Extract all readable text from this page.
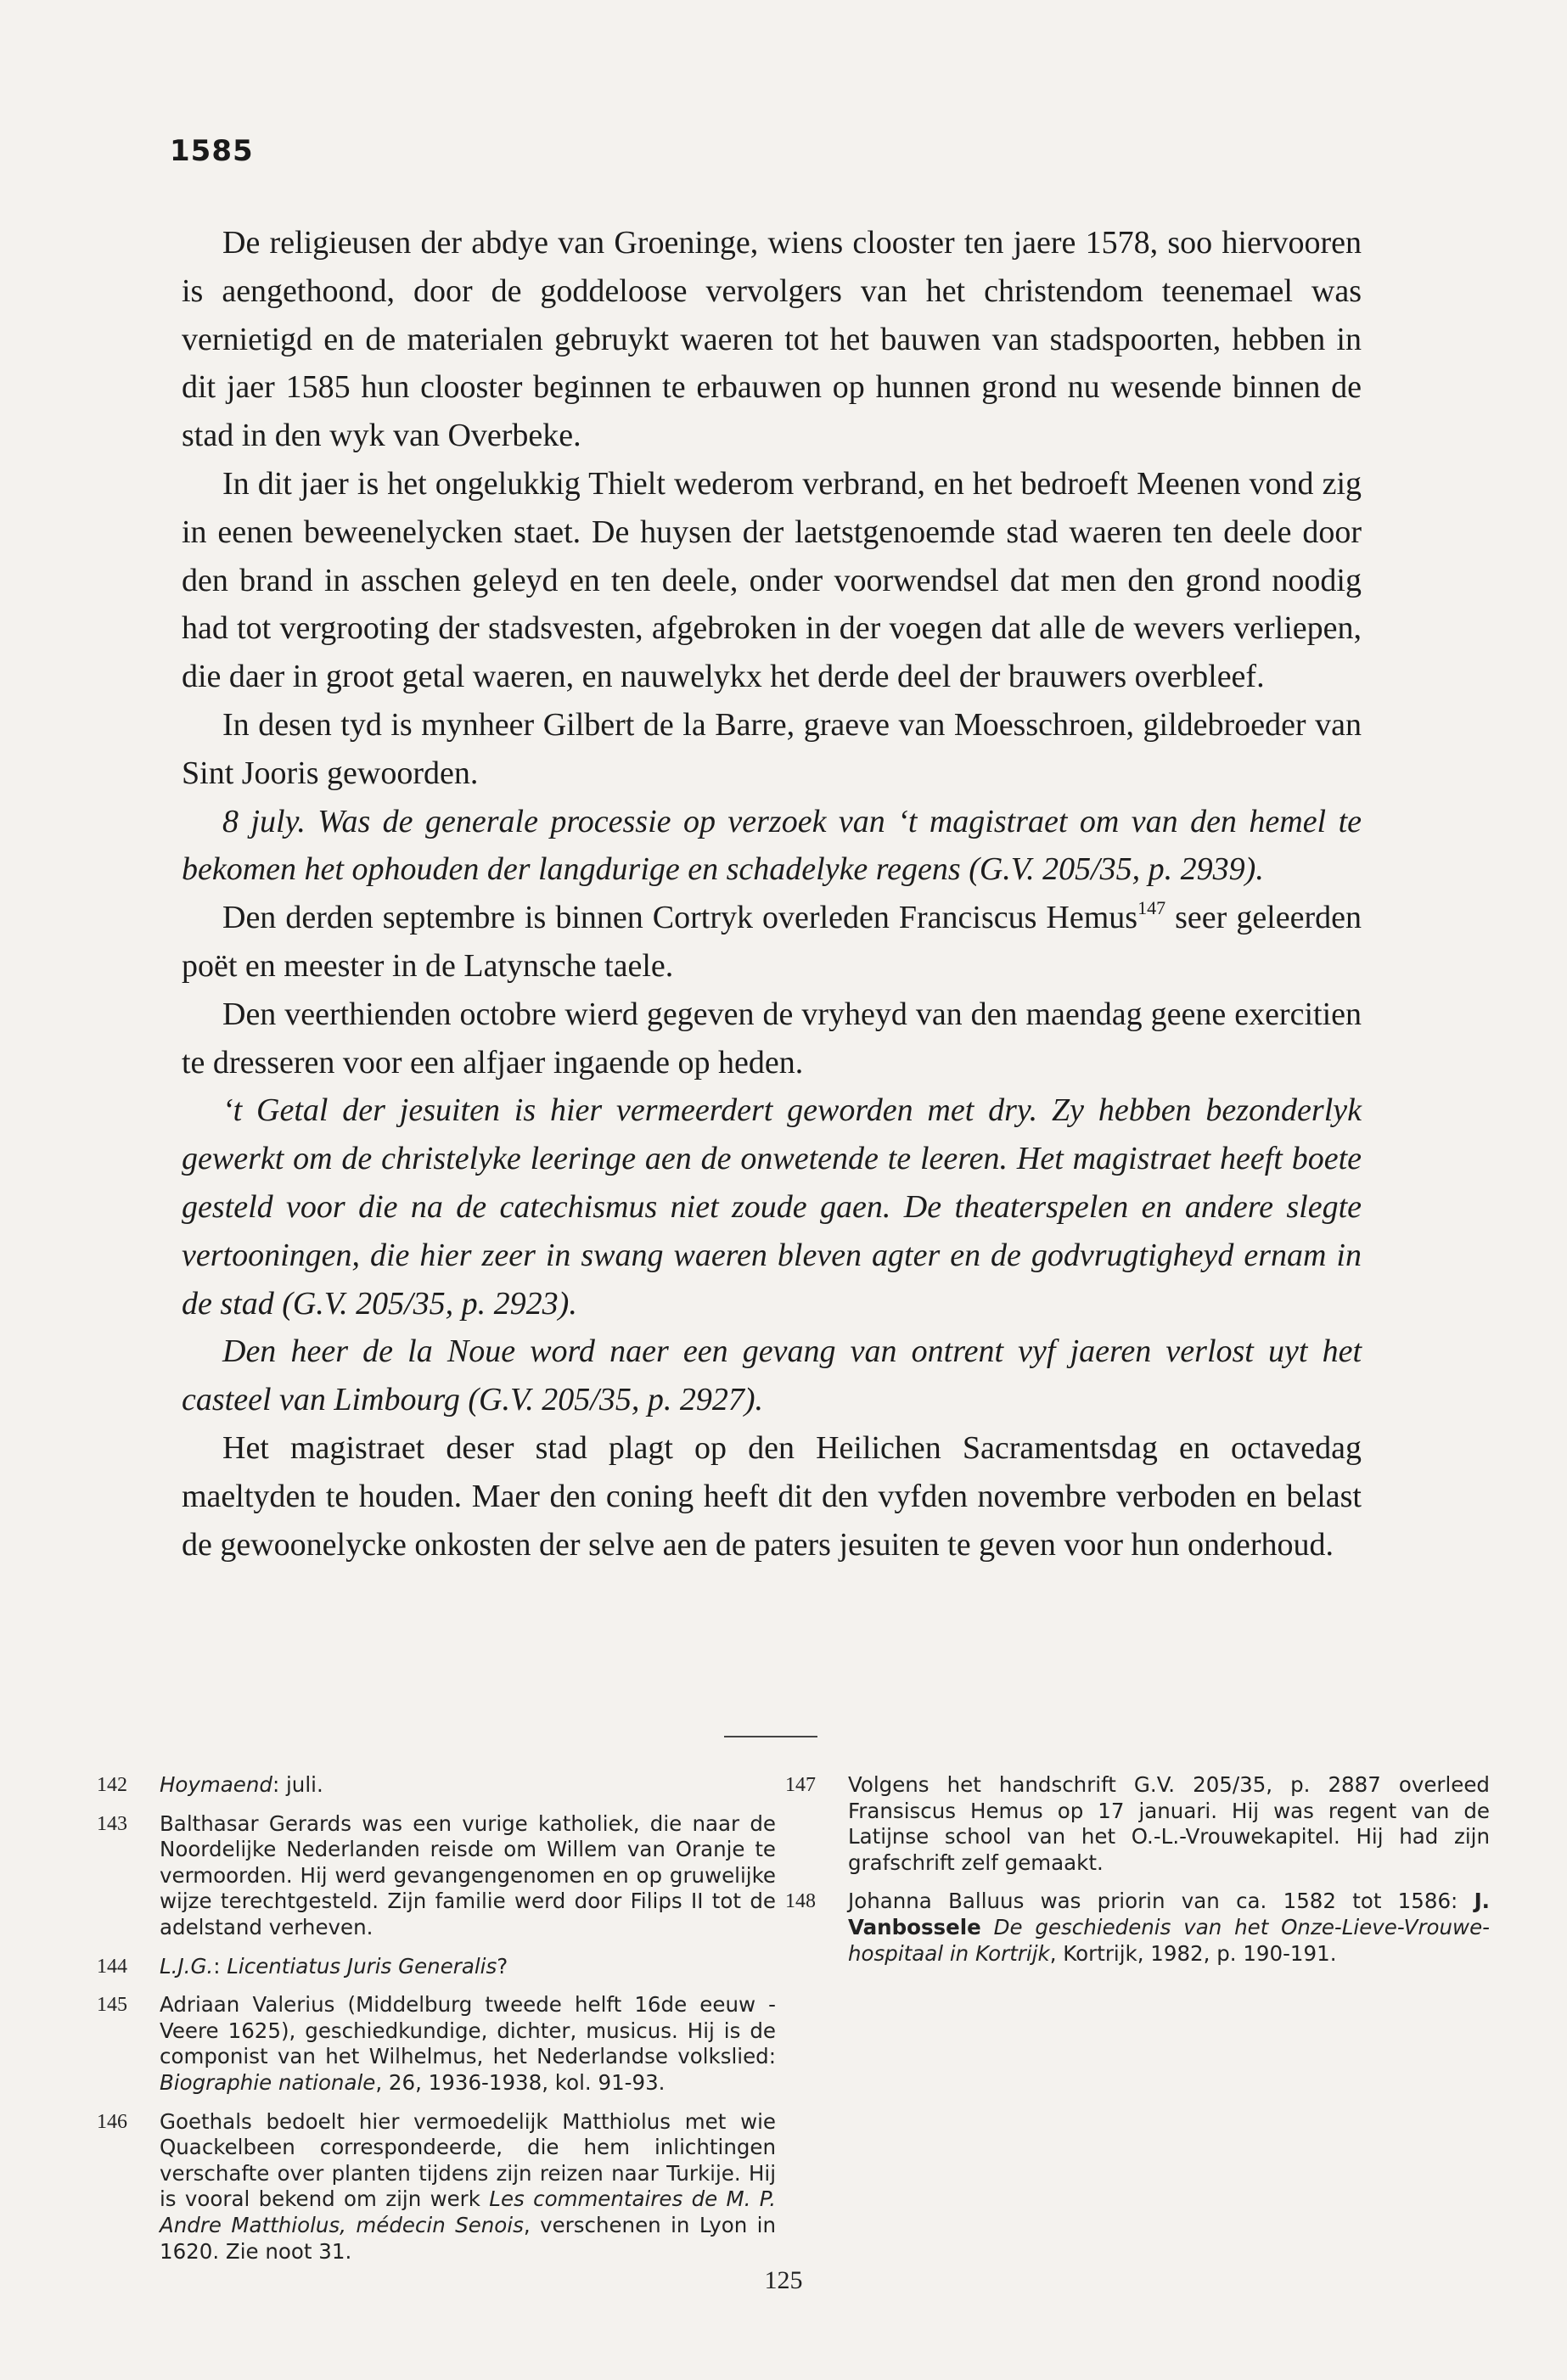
1585

De religieusen der abdye van Groeninge, wiens clooster ten jaere 1578, soo hiervooren is aengethoond, door de goddeloose vervolgers van het christendom teenemael was vernietigd en de materialen gebruykt waeren tot het bauwen van stadspoorten, hebben in dit jaer 1585 hun clooster beginnen te erbauwen op hunnen grond nu wesende binnen de stad in den wyk van Overbeke.

In dit jaer is het ongelukkig Thielt wederom verbrand, en het bedroeft Meenen vond zig in eenen beweenelycken staet. De huysen der laetstgenoemde stad waeren ten deele door den brand in asschen geleyd en ten deele, onder voorwendsel dat men den grond noodig had tot vergrooting der stadsvesten, afgebroken in der voegen dat alle de wevers verliepen, die daer in groot getal waeren, en nauwelykx het derde deel der brauwers overbleef.

In desen tyd is mynheer Gilbert de la Barre, graeve van Moesschroen, gildebroeder van Sint Jooris gewoorden.

8 july. Was de generale processie op verzoek van ‘t magistraet om van den hemel te bekomen het ophouden der langdurige en schadelyke regens (G.V. 205/35, p. 2939).

Den derden septembre is binnen Cortryk overleden Franciscus Hemus$^{147}$ seer geleerden poët en meester in de Latynsche taele.

Den veerthienden octobre wierd gegeven de vryheyd van den maendag geene exercitien te dresseren voor een alfjaer ingaende op heden.

‘t Getal der jesuiten is hier vermeerdert geworden met dry. Zy hebben bezonderlyk gewerkt om de christelyke leeringe aen de onwetende te leeren. Het magistraet heeft boete gesteld voor die na de catechismus niet zoude gaen. De theaterspelen en andere slegte vertooningen, die hier zeer in swang waeren bleven agter en de godvrugtigheyd ernam in de stad (G.V. 205/35, p. 2923).

Den heer de la Noue word naer een gevang van ontrent vyf jaeren verlost uyt het casteel van Limbourg (G.V. 205/35, p. 2927).

Het magistraet deser stad plagt op den Heilichen Sacramentsdag en octavedag maeltyden te houden. Maer den coning heeft dit den vyfden novembre verboden en belast de gewoonelycke onkosten der selve aen de paters jesuiten te geven voor hun onderhoud.

142	Hoymaend: juli.
143	Balthasar Gerards was een vurige katholiek, die naar de Noordelijke Nederlanden reisde om Willem van Oranje te vermoorden. Hij werd gevangengenomen en op gruwelijke wijze terechtgesteld. Zijn familie werd door Filips II tot de adelstand verheven.
144	L.J.G.: Licentiatus Juris Generalis?
145	Adriaan Valerius (Middelburg tweede helft 16de eeuw - Veere 1625), geschiedkundige, dichter, musicus. Hij is de componist van het Wilhelmus, het Nederlandse volkslied: Biographie nationale, 26, 1936-1938, kol. 91-93.
146	Goethals bedoelt hier vermoedelijk Matthiolus met wie Quackelbeen correspondeerde, die hem inlichtingen verschafte over planten tijdens zijn reizen naar Turkije. Hij is vooral bekend om zijn werk Les commentaires de M. P. Andre Matthiolus, médecin Senois, verschenen in Lyon in 1620. Zie noot 31.
147	Volgens het handschrift G.V. 205/35, p. 2887 overleed Fransiscus Hemus op 17 januari. Hij was regent van de Latijnse school van het O.-L.-Vrouwekapitel. Hij had zijn grafschrift zelf gemaakt.
148	Johanna Balluus was priorin van ca. 1582 tot 1586: J. Vanbossele De geschiedenis van het Onze-Lieve-Vrouwe-hospitaal in Kortrijk, Kortrijk, 1982, p. 190-191.
125
